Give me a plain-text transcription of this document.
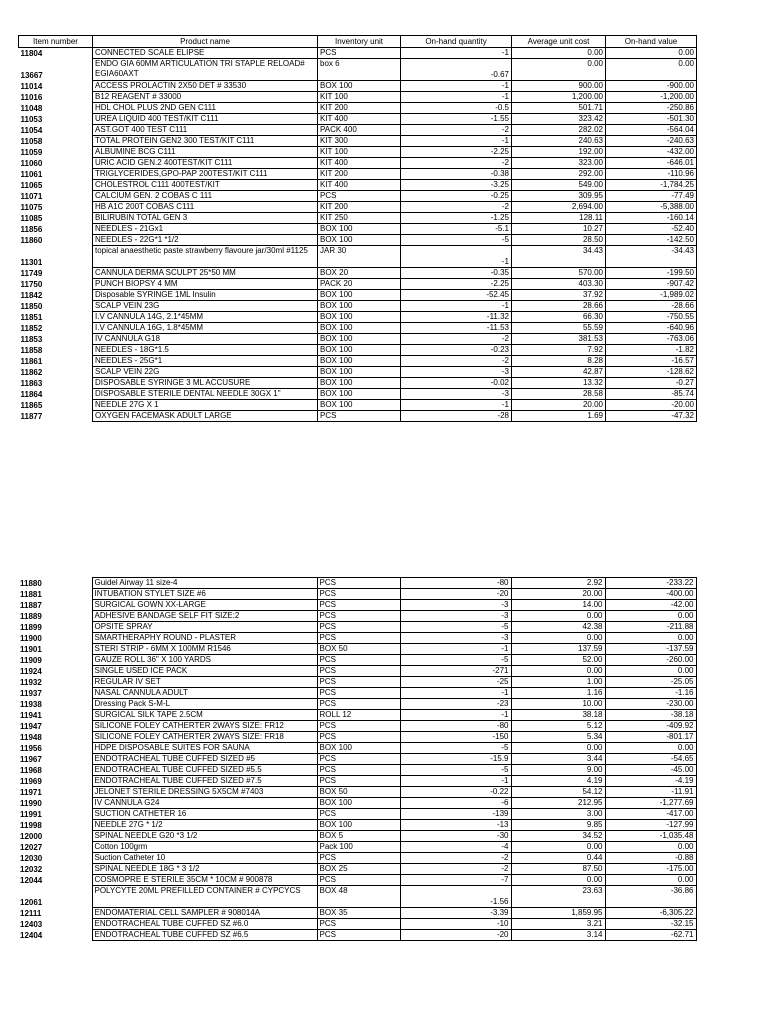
Item number	Product name	Inventory unit	On-hand quantity	Average unit cost	On-hand value
11804	CONNECTED SCALE ELIPSE	PCS	-1	0.00	0.00
13667	ENDO GIA 60MM ARTICULATION TRI STAPLE RELOAD# EGIA60AXT	box 6	-0.67	0.00	0.00
11014	ACCESS PROLACTIN 2X50 DET # 33530	BOX 100	-1	900.00	-900.00
11016	B12 REAGENT # 33000	KIT 100	-1	1,200.00	-1,200.00
11048	HDL CHOL PLUS 2ND GEN C111	KIT 200	-0.5	501.71	-250.86
11053	UREA LIQUID 400 TEST/KIT C111	KIT 400	-1.55	323.42	-501.30
11054	AST.GOT 400 TEST C111	PACK 400	-2	282.02	-564.04
11058	TOTAL PROTEIN GEN2 300 TEST/KIT C111	KIT 300	-1	240.63	-240.63
11059	ALBUMINE BCG C111	KIT 100	-2.25	192.00	-432.00
11060	URIC ACID GEN.2 400TEST/KIT C111	KIT 400	-2	323.00	-646.01
11061	TRIGLYCERIDES,GPO-PAP 200TEST/KIT C111	KIT 200	-0.38	292.00	-110.96
11065	CHOLESTROL C111 400TEST/KIT	KIT 400	-3.25	549.00	-1,784.25
11071	CALCIUM GEN. 2 COBAS C 111	PCS	-0.25	309.95	-77.49
11075	HB A1C 200T COBAS C111	KIT 200	-2	2,694.00	-5,388.00
11085	BILIRUBIN TOTAL GEN 3	KIT 250	-1.25	128.11	-160.14
11856	NEEDLES - 21Gx1	BOX 100	-5.1	10.27	-52.40
11860	NEEDLES - 22G*1 *1/2	BOX 100	-5	28.50	-142.50
11301	topical anaesthetic paste strawberry flavoure jar/30ml #1125	JAR 30	-1	34.43	-34.43
11749	CANNULA DERMA SCULPT 25*50 MM	BOX 20	-0.35	570.00	-199.50
11750	PUNCH BIOPSY 4 MM	PACK 20	-2.25	403.30	-907.42
11842	Disposable SYRINGE 1ML Insulin	BOX 100	-52.45	37.92	-1,989.02
11850	SCALP VEIN 23G	BOX 100	-1	28.66	-28.66
11851	I.V CANNULA 14G, 2.1*45MM	BOX 100	-11.32	66.30	-750.55
11852	I.V CANNULA 16G, 1.8*45MM	BOX 100	-11.53	55.59	-640.96
11853	IV CANNULA G18	BOX 100	-2	381.53	-763.06
11858	NEEDLES - 18G*1.5	BOX 100	-0.23	7.92	-1.82
11861	NEEDLES - 25G*1	BOX 100	-2	8.28	-16.57
11862	SCALP VEIN 22G	BOX 100	-3	42.87	-128.62
11863	DISPOSABLE SYRINGE 3 ML ACCUSURE	BOX 100	-0.02	13.32	-0.27
11864	DISPOSABLE STERILE DENTAL NEEDLE 30GX 1"	BOX 100	-3	28.58	-85.74
11865	NEEDLE 27G X 1	BOX 100	-1	20.00	-20.00
11877	OXYGEN FACEMASK ADULT LARGE	PCS	-28	1.69	-47.32
11880	Guidel Airway 11 size-4	PCS	-80	2.92	-233.22
11881	INTUBATION STYLET SIZE #6	PCS	-20	20.00	-400.00
11887	SURGICAL GOWN XX-LARGE	PCS	-3	14.00	-42.00
11889	ADHESIVE BANDAGE SELF FIT SIZE:2	PCS	-3	0.00	0.00
11899	OPSITE SPRAY	PCS	-5	42.38	-211.88
11900	SMARTHERAPHY ROUND - PLASTER	PCS	-3	0.00	0.00
11901	STERI STRIP - 6MM X 100MM R1546	BOX 50	-1	137.59	-137.59
11909	GAUZE ROLL 36" X 100 YARDS	PCS	-5	52.00	-260.00
11924	SINGLE USED ICE PACK	PCS	-271	0.00	0.00
11932	REGULAR IV SET	PCS	-25	1.00	-25.05
11937	NASAL CANNULA ADULT	PCS	-1	1.16	-1.16
11938	Dressing Pack S-M-L	PCS	-23	10.00	-230.00
11941	SURGICAL SILK TAPE 2.5CM	ROLL 12	-1	38.18	-38.18
11947	SILICONE FOLEY CATHERTER 2WAYS SIZE: FR12	PCS	-80	5.12	-409.92
11948	SILICONE FOLEY CATHERTER 2WAYS SIZE: FR18	PCS	-150	5.34	-801.17
11956	HDPE DISPOSABLE SUITES FOR SAUNA	BOX 100	-5	0.00	0.00
11967	ENDOTRACHEAL TUBE CUFFED SIZED #5	PCS	-15.9	3.44	-54.65
11968	ENDOTRACHEAL TUBE CUFFED SIZED #5.5	PCS	-5	9.00	-45.00
11969	ENDOTRACHEAL TUBE CUFFED SIZED #7.5	PCS	-1	4.19	-4.19
11971	JELONET STERILE DRESSING 5X5CM #7403	BOX 50	-0.22	54.12	-11.91
11990	IV CANNULA G24	BOX 100	-6	212.95	-1,277.69
11991	SUCTION CATHETER 16	PCS	-139	3.00	-417.00
11998	NEEDLE 27G * 1/2	BOX 100	-13	9.85	-127.99
12000	SPINAL NEEDLE G20 *3 1/2	BOX 5	-30	34.52	-1,035.48
12027	Cotton 100grm	Pack 100	-4	0.00	0.00
12030	Suction Catheter 10	PCS	-2	0.44	-0.88
12032	SPINAL NEEDLE 18G * 3 1/2	BOX 25	-2	87.50	-175.00
12044	COSMOPRE E STERILE 35CM * 10CM # 900878	PCS	-7	0.00	0.00
12061	POLYCYTE 20ML PREFILLED CONTAINER # CYPCYCS	BOX 48	-1.56	23.63	-36.86
12111	ENDOMATERIAL CELL SAMPLER # 908014A	BOX 35	-3.39	1,859.95	-6,305.22
12403	ENDOTRACHEAL TUBE CUFFED SZ #6.0	PCS	-10	3.21	-32.15
12404	ENDOTRACHEAL TUBE CUFFED SZ #6.5	PCS	-20	3.14	-62.71
